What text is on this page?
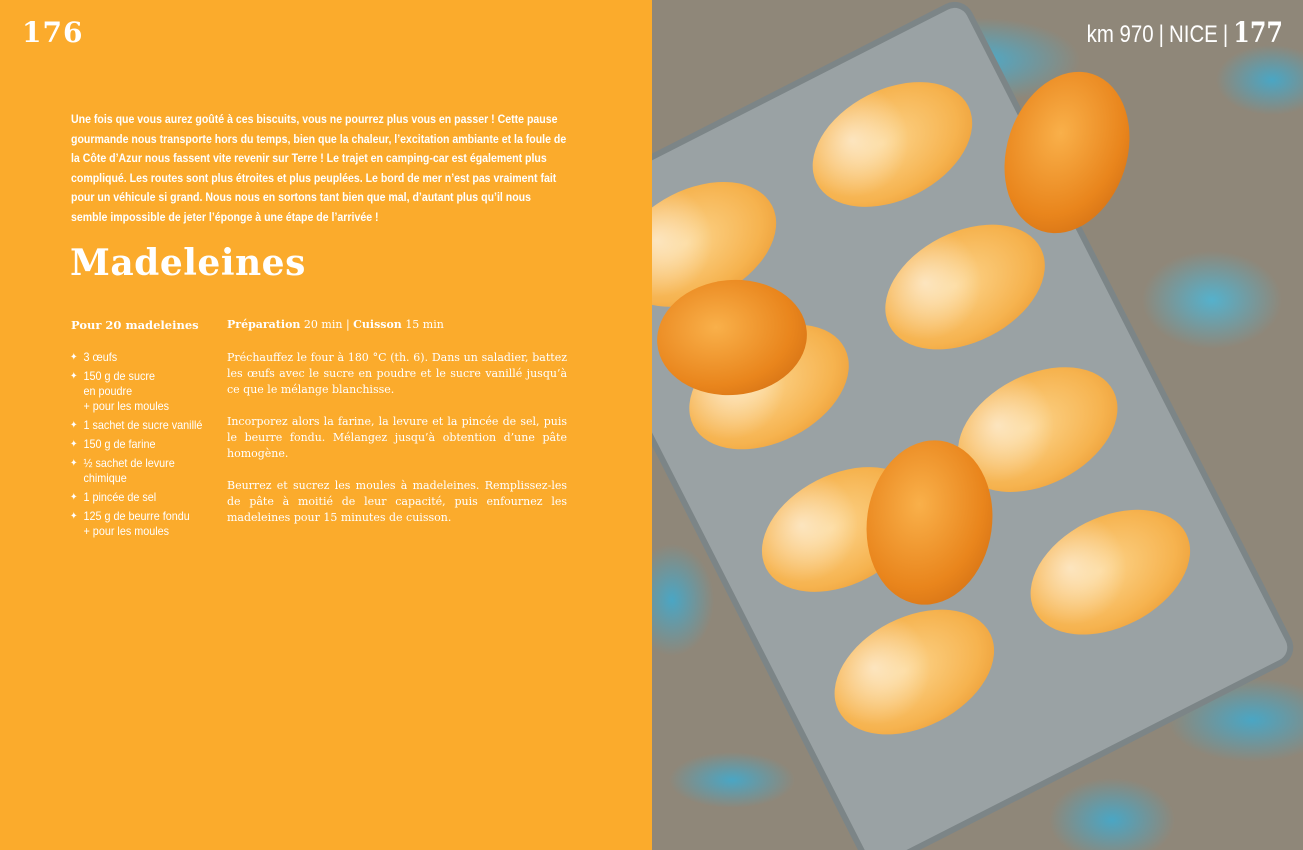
176
Une fois que vous aurez goûté à ces biscuits, vous ne pourrez plus vous en passer ! Cette pause gourmande nous transporte hors du temps, bien que la chaleur, l’excitation ambiante et la foule de la Côte d’Azur nous fassent vite revenir sur Terre ! Le trajet en camping-car est également plus compliqué. Les routes sont plus étroites et plus peuplées. Le bord de mer n’est pas vraiment fait pour un véhicule si grand. Nous nous en sortons tant bien que mal, d’autant plus qu’il nous semble impossible de jeter l’éponge à une étape de l’arrivée !
Madeleines
Pour 20 madeleines
✦ 3 œufs
✦ 150 g de sucre
en poudre
+ pour les moules
✦ 1 sachet de sucre vanillé
✦ 150 g de farine
✦ ½ sachet de levure
chimique
✦ 1 pincée de sel
✦ 125 g de beurre fondu
+ pour les moules
Préparation 20 min | Cuisson 15 min

Préchauffez le four à 180 °C (th. 6). Dans un saladier, battez les œufs avec le sucre en poudre et le sucre vanillé jusqu’à ce que le mélange blanchisse.

Incorporez alors la farine, la levure et la pincée de sel, puis le beurre fondu. Mélangez jusqu’à obtention d’une pâte homogène.

Beurrez et sucrez les moules à madeleines. Remplissez-les de pâte à moitié de leur capacité, puis enfournez les madeleines pour 15 minutes de cuisson.

km 970 | NICE | 177
